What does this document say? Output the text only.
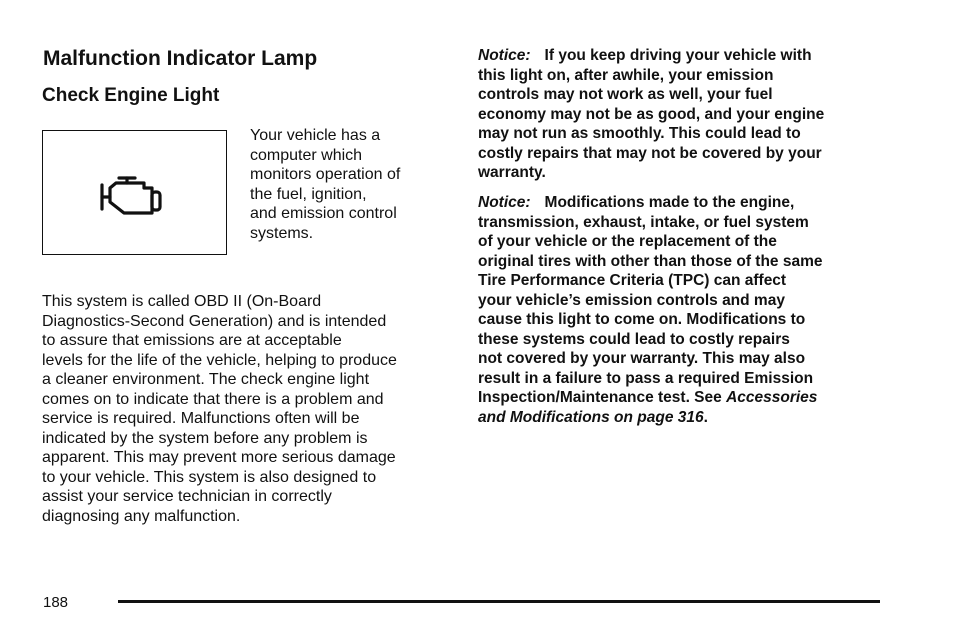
Malfunction Indicator Lamp
Check Engine Light
Your vehicle has a
computer which
monitors operation of
the fuel, ignition,
and emission control
systems.
This system is called OBD II (On-Board
Diagnostics-Second Generation) and is intended
to assure that emissions are at acceptable
levels for the life of the vehicle, helping to produce
a cleaner environment. The check engine light
comes on to indicate that there is a problem and
service is required. Malfunctions often will be
indicated by the system before any problem is
apparent. This may prevent more serious damage
to your vehicle. This system is also designed to
assist your service technician in correctly
diagnosing any malfunction.
Notice: If you keep driving your vehicle with
this light on, after awhile, your emission
controls may not work as well, your fuel
economy may not be as good, and your engine
may not run as smoothly. This could lead to
costly repairs that may not be covered by your
warranty.
Notice: Modifications made to the engine,
transmission, exhaust, intake, or fuel system
of your vehicle or the replacement of the
original tires with other than those of the same
Tire Performance Criteria (TPC) can affect
your vehicle’s emission controls and may
cause this light to come on. Modifications to
these systems could lead to costly repairs
not covered by your warranty. This may also
result in a failure to pass a required Emission
Inspection/Maintenance test. See Accessories
and Modifications on page 316.
188
